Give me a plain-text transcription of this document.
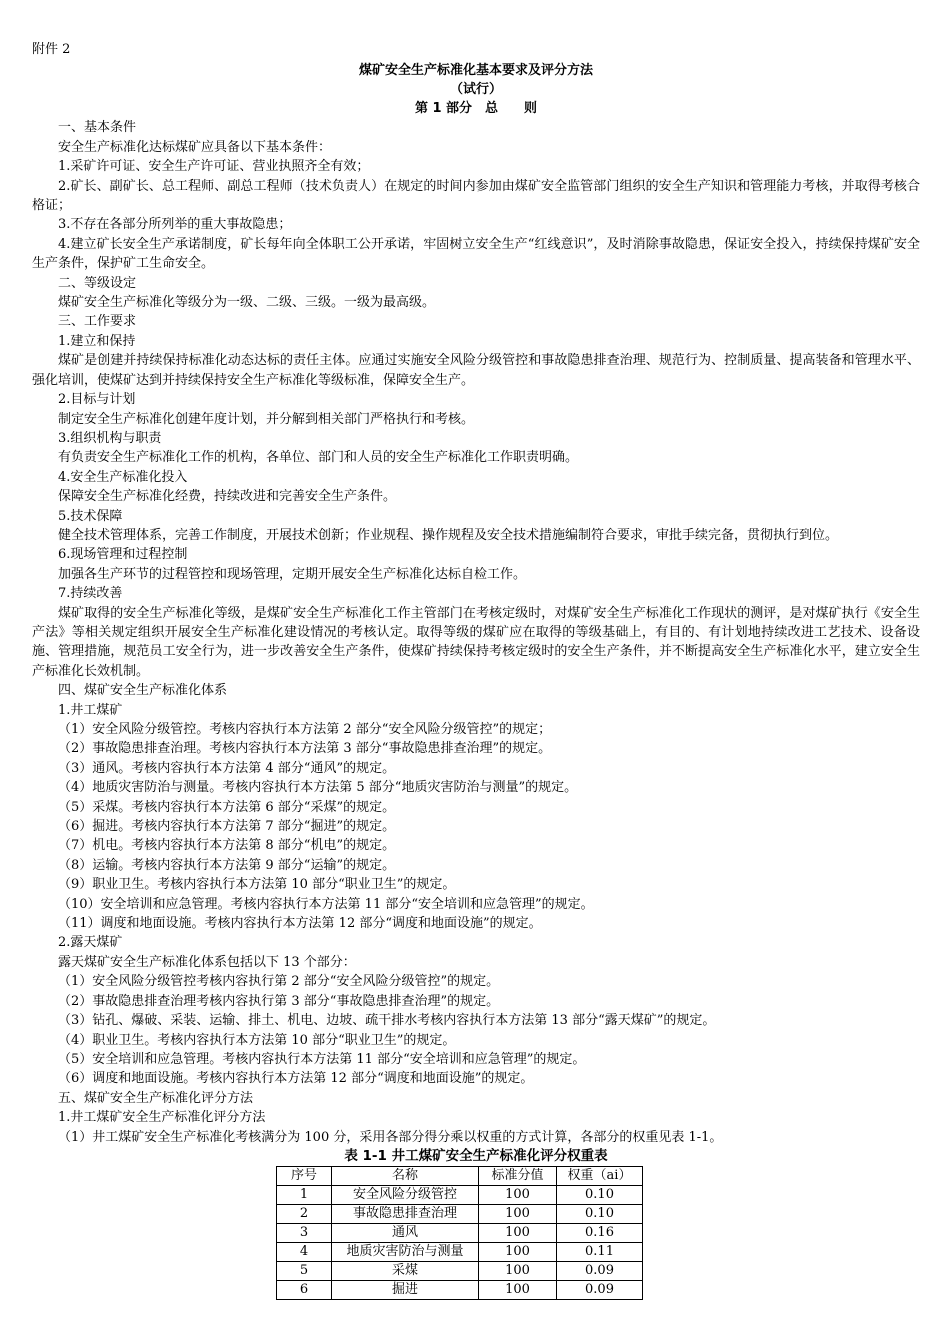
附件 2
煤矿安全生产标准化基本要求及评分方法
（试行）
第 1 部分　总　　则

一、基本条件

安全生产标准化达标煤矿应具备以下基本条件：

1.采矿许可证、安全生产许可证、营业执照齐全有效；

2.矿长、副矿长、总工程师、副总工程师（技术负责人）在规定的时间内参加由煤矿安全监管部门组织的安全生产知识和管理能力考核，并取得考核合格证；

3.不存在各部分所列举的重大事故隐患；

4.建立矿长安全生产承诺制度，矿长每年向全体职工公开承诺，牢固树立安全生产“红线意识”，及时消除事故隐患，保证安全投入，持续保持煤矿安全生产条件，保护矿工生命安全。

二、等级设定

煤矿安全生产标准化等级分为一级、二级、三级。一级为最高级。

三、工作要求

1.建立和保持

煤矿是创建并持续保持标准化动态达标的责任主体。应通过实施安全风险分级管控和事故隐患排查治理、规范行为、控制质量、提高装备和管理水平、强化培训，使煤矿达到并持续保持安全生产标准化等级标准，保障安全生产。

2.目标与计划

制定安全生产标准化创建年度计划，并分解到相关部门严格执行和考核。

3.组织机构与职责

有负责安全生产标准化工作的机构，各单位、部门和人员的安全生产标准化工作职责明确。

4.安全生产标准化投入

保障安全生产标准化经费，持续改进和完善安全生产条件。

5.技术保障

健全技术管理体系，完善工作制度，开展技术创新；作业规程、操作规程及安全技术措施编制符合要求，审批手续完备，贯彻执行到位。

6.现场管理和过程控制

加强各生产环节的过程管控和现场管理，定期开展安全生产标准化达标自检工作。

7.持续改善

煤矿取得的安全生产标准化等级，是煤矿安全生产标准化工作主管部门在考核定级时，对煤矿安全生产标准化工作现状的测评，是对煤矿执行《安全生产法》等相关规定组织开展安全生产标准化建设情况的考核认定。取得等级的煤矿应在取得的等级基础上，有目的、有计划地持续改进工艺技术、设备设施、管理措施，规范员工安全行为，进一步改善安全生产条件，使煤矿持续保持考核定级时的安全生产条件，并不断提高安全生产标准化水平，建立安全生产标准化长效机制。

四、煤矿安全生产标准化体系

1.井工煤矿

（1）安全风险分级管控。考核内容执行本方法第 2 部分“安全风险分级管控”的规定；

（2）事故隐患排查治理。考核内容执行本方法第 3 部分“事故隐患排查治理”的规定。

（3）通风。考核内容执行本方法第 4 部分“通风”的规定。

（4）地质灾害防治与测量。考核内容执行本方法第 5 部分“地质灾害防治与测量”的规定。

（5）采煤。考核内容执行本方法第 6 部分“采煤”的规定。

（6）掘进。考核内容执行本方法第 7 部分“掘进”的规定。

（7）机电。考核内容执行本方法第 8 部分“机电”的规定。

（8）运输。考核内容执行本方法第 9 部分“运输”的规定。

（9）职业卫生。考核内容执行本方法第 10 部分“职业卫生”的规定。

（10）安全培训和应急管理。考核内容执行本方法第 11 部分“安全培训和应急管理”的规定。

（11）调度和地面设施。考核内容执行本方法第 12 部分“调度和地面设施”的规定。

2.露天煤矿

露天煤矿安全生产标准化体系包括以下 13 个部分：

（1）安全风险分级管控考核内容执行第 2 部分“安全风险分级管控”的规定。

（2）事故隐患排查治理考核内容执行第 3 部分“事故隐患排查治理”的规定。

（3）钻孔、爆破、采装、运输、排土、机电、边坡、疏干排水考核内容执行本方法第 13 部分“露天煤矿”的规定。

（4）职业卫生。考核内容执行本方法第 10 部分“职业卫生”的规定。

（5）安全培训和应急管理。考核内容执行本方法第 11 部分“安全培训和应急管理”的规定。

（6）调度和地面设施。考核内容执行本方法第 12 部分“调度和地面设施”的规定。

五、煤矿安全生产标准化评分方法

1.井工煤矿安全生产标准化评分方法

（1）井工煤矿安全生产标准化考核满分为 100 分，采用各部分得分乘以权重的方式计算，各部分的权重见表 1-1。

表 1-1 井工煤矿安全生产标准化评分权重表
序号	名称	标准分值	权重（ai）
1	安全风险分级管控	100	0.10
2	事故隐患排查治理	100	0.10
3	通风	100	0.16
4	地质灾害防治与测量	100	0.11
5	采煤	100	0.09
6	掘进	100	0.09
